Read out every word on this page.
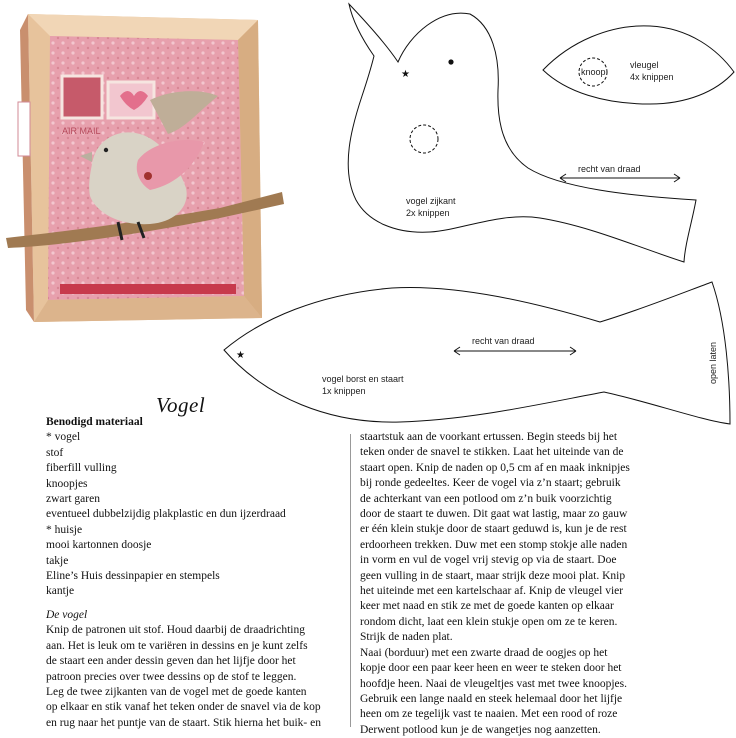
AIR MAIL
★
recht van draad
vogel zijkant
2x knippen
knoop
vleugel
4x knippen
★
recht van draad
vogel borst en staart
1x knippen
open laten
Vogel
Benodigd materiaal
* vogel
stof
fiberfill vulling
knoopjes
zwart garen
eventueel dubbelzijdig plakplastic en dun ijzerdraad
* huisje
mooi kartonnen doosje
takje
Eline’s Huis dessinpapier en stempels
kantje
De vogel
Knip de patronen uit stof. Houd daarbij de draadrichting
aan. Het is leuk om te variëren in dessins en je kunt zelfs
de staart een ander dessin geven dan het lijfje door het
patroon precies over twee dessins op de stof te leggen.
Leg de twee zijkanten van de vogel met de goede kanten
op elkaar en stik vanaf het teken onder de snavel via de kop
en rug naar het puntje van de staart. Stik hierna het buik- en
staartstuk aan de voorkant ertussen. Begin steeds bij het
teken onder de snavel te stikken. Laat het uiteinde van de
staart open. Knip de naden op 0,5 cm af en maak inknipjes
bij ronde gedeeltes. Keer de vogel via z’n staart; gebruik
de achterkant van een potlood om z’n buik voorzichtig
door de staart te duwen. Dit gaat wat lastig, maar zo gauw
er één klein stukje door de staart geduwd is, kun je de rest
erdoorheen trekken. Duw met een stomp stokje alle naden
in vorm en vul de vogel vrij stevig op via de staart. Doe
geen vulling in de staart, maar strijk deze mooi plat. Knip
het uiteinde met een kartelschaar af. Knip de vleugel vier
keer met naad en stik ze met de goede kanten op elkaar
rondom dicht, laat een klein stukje open om ze te keren.
Strijk de naden plat.
Naai (borduur) met een zwarte draad de oogjes op het
kopje door een paar keer heen en weer te steken door het
hoofdje heen. Naai de vleugeltjes vast met twee knoopjes.
Gebruik een lange naald en steek helemaal door het lijfje
heen om ze tegelijk vast te naaien. Met een rood of roze
Derwent potlood kun je de wangetjes nog aanzetten.
